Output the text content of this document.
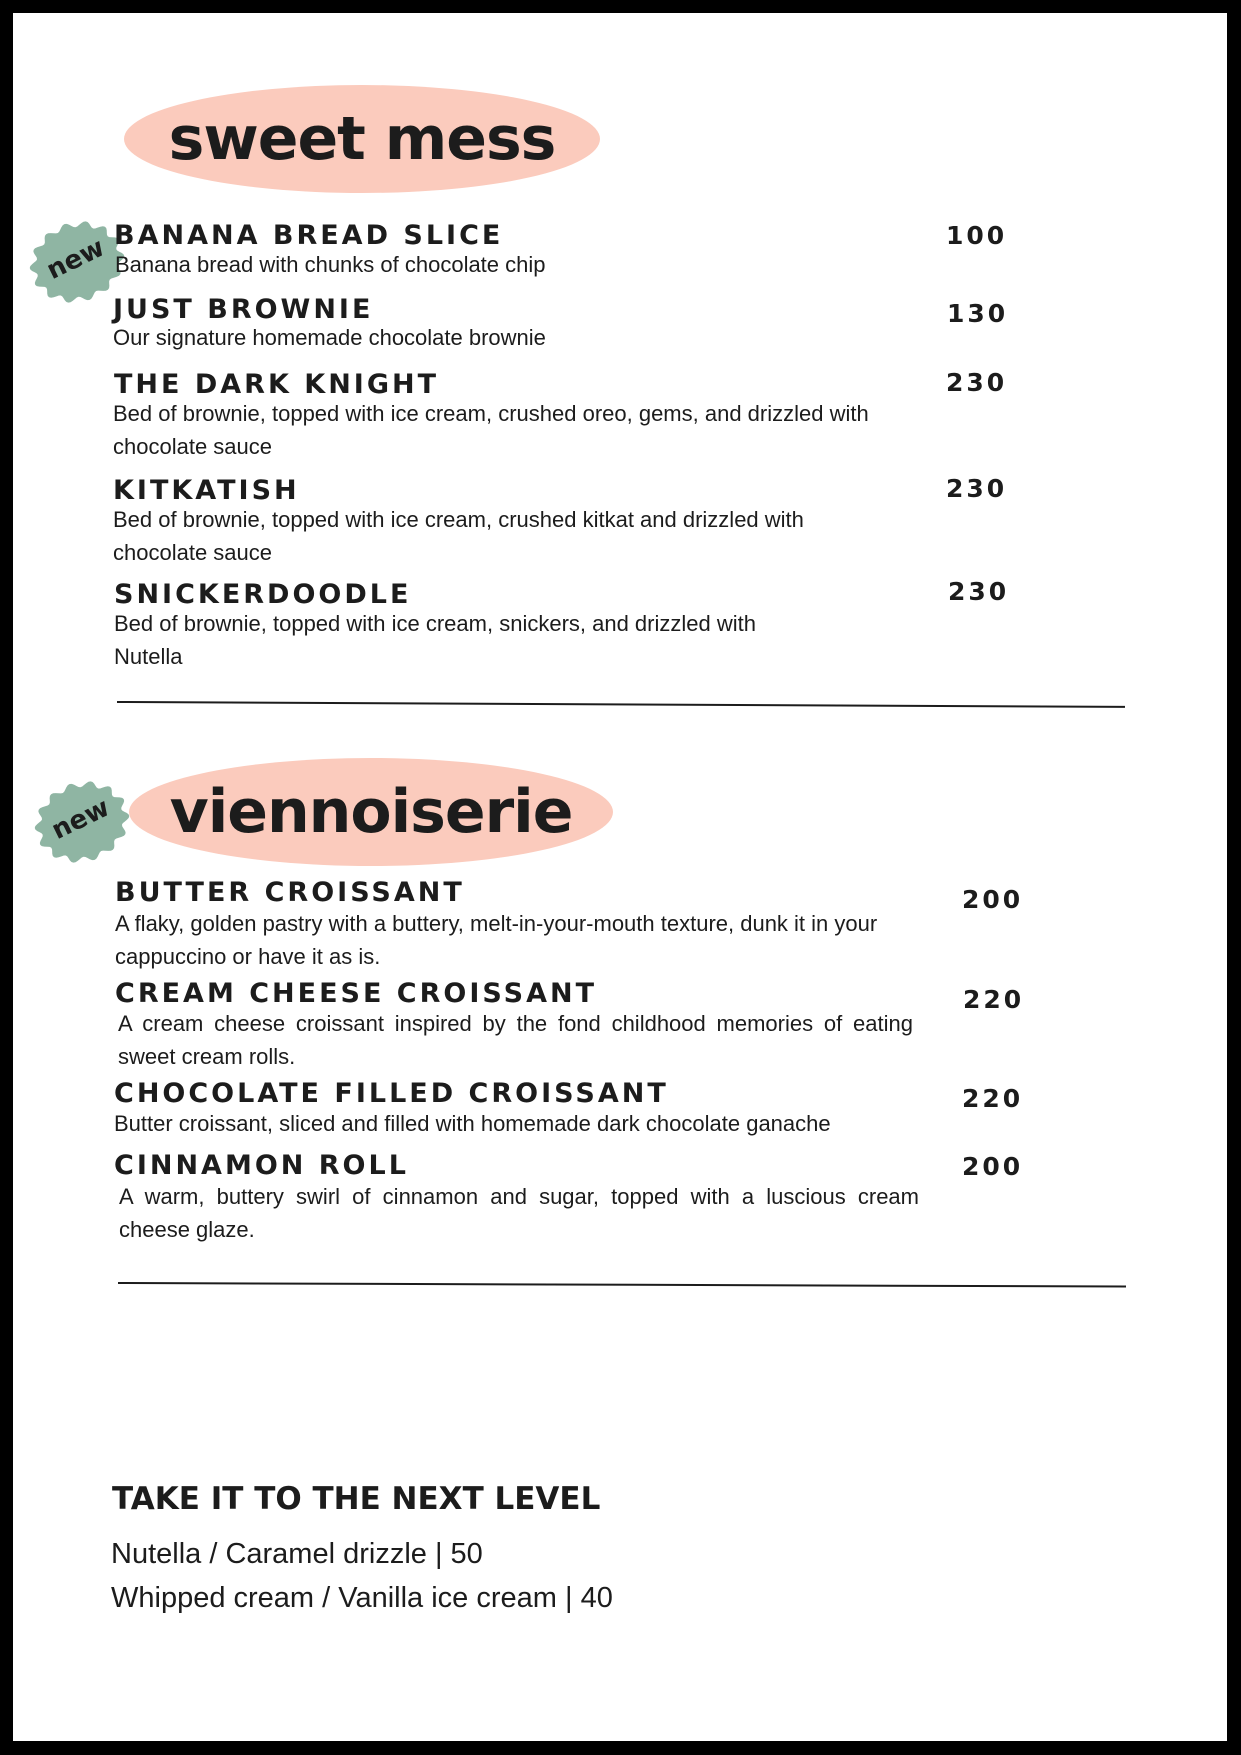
sweet mess
new BANANA BREAD SLICE	100
Banana bread with chunks of chocolate chip
JUST BROWNIE	130
Our signature homemade chocolate brownie
THE DARK KNIGHT	230
Bed of brownie, topped with ice cream, crushed oreo, gems, and drizzled with chocolate sauce
KITKATISH	230
Bed of brownie, topped with ice cream, crushed kitkat and drizzled with chocolate sauce
SNICKERDOODLE	230
Bed of brownie, topped with ice cream, snickers, and drizzled with Nutella
new viennoiserie
BUTTER CROISSANT	200
A flaky, golden pastry with a buttery, melt-in-your-mouth texture, dunk it in your cappuccino or have it as is.
CREAM CHEESE CROISSANT	220
A cream cheese croissant inspired by the fond childhood memories of eating sweet cream rolls.
CHOCOLATE FILLED CROISSANT	220
Butter croissant, sliced and filled with homemade dark chocolate ganache
CINNAMON ROLL	200
A warm, buttery swirl of cinnamon and sugar, topped with a luscious cream cheese glaze.
TAKE IT TO THE NEXT LEVEL
Nutella / Caramel drizzle | 50
Whipped cream / Vanilla ice cream | 40
